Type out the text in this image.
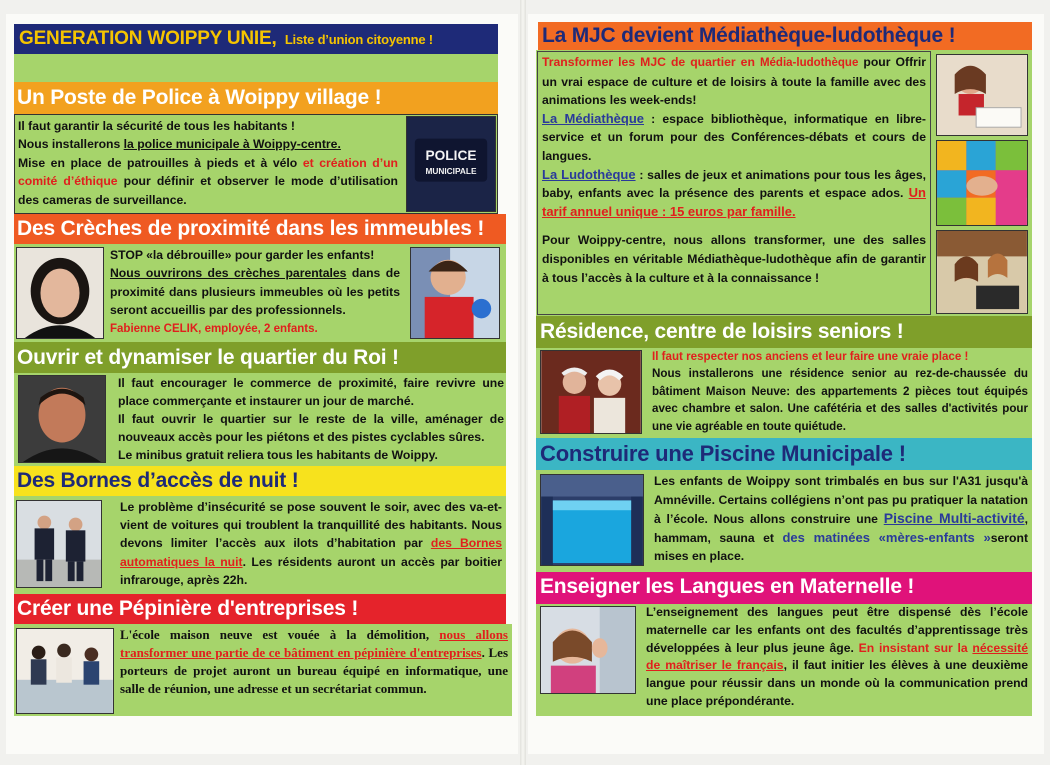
GENERATION WOIPPY UNIE, Liste d’union citoyenne !
Un Poste de Police à Woippy village !
Il faut garantir la sécurité de tous les habitants !
Nous installerons la police municipale à Woippy-centre.
Mise en place de patrouilles à pieds et à vélo et création d’un comité d’éthique pour définir et observer le mode d’utilisation des cameras de surveillance.
POLICE
MUNICIPALE
Des Crèches de proximité dans les immeubles !
STOP «la débrouille» pour garder les enfants!
Nous ouvrirons des crèches parentales dans de proximité dans plusieurs immeubles où les petits seront accueillis par des professionnels.
Fabienne CELIK, employée, 2 enfants.
Ouvrir et dynamiser le quartier du Roi !
Il faut encourager le commerce de proximité, faire revivre une place commerçante et instaurer un jour de marché.
Il faut ouvrir le quartier sur le reste de la ville, aménager de nouveaux accès pour les piétons et des pistes cyclables sûres.
Le minibus gratuit reliera tous les habitants de Woippy.
Des Bornes d’accès de nuit !
Le problème d’insécurité se pose souvent le soir, avec des va-et-vient de voitures qui troublent la tranquillité des habitants. Nous devons limiter l’accès aux ilots d’habitation par des Bornes automatiques la nuit. Les résidents auront un accès par boitier infrarouge, après 22h.
Créer une Pépinière d'entreprises !
L'école maison neuve est vouée à la démolition, nous allons transformer une partie de ce bâtiment en pépinière d'entreprises. Les porteurs de projet auront un bureau équipé en informatique, une salle de réunion, une adresse et un secrétariat commun.
La MJC devient Médiathèque-ludothèque !
Transformer les MJC de quartier en Média-ludothèque pour Offrir un vrai espace de culture et de loisirs à toute la famille avec des animations les week-ends!
La Médiathèque : espace bibliothèque, informatique en libre-service et un forum pour des Conférences-débats et cours de langues.
La Ludothèque : salles de jeux et animations pour tous les âges, baby, enfants avec la présence des parents et espace ados. Un tarif annuel unique : 15 euros par famille.
Pour Woippy-centre, nous allons transformer, une des salles disponibles en véritable Médiathèque-ludothèque afin de garantir à tous l’accès à la culture et à la connaissance !
Résidence, centre de loisirs seniors !
Il faut respecter nos anciens et leur faire une vraie place !
Nous installerons une résidence senior au rez-de-chaussée du bâtiment Maison Neuve: des appartements 2 pièces tout équipés avec chambre et salon. Une cafétéria et des salles d'activités pour une vie agréable en toute quiétude.
Construire une Piscine Municipale !
Les enfants de Woippy sont trimbalés en bus sur l'A31 jusqu'à Amnéville. Certains collégiens n’ont pas pu pratiquer la natation à l’école. Nous allons construire une Piscine Multi-activité, hammam, sauna et des matinées «mères-enfants »seront mises en place.
Enseigner les Langues en Maternelle !
L’enseignement des langues peut être dispensé dès l’école maternelle car les enfants ont des facultés d’apprentissage très développées à leur plus jeune âge. En insistant sur la nécessité de maîtriser le français, il faut initier les élèves à une deuxième langue pour réussir dans un monde où la communication prend une place prépondérante.
